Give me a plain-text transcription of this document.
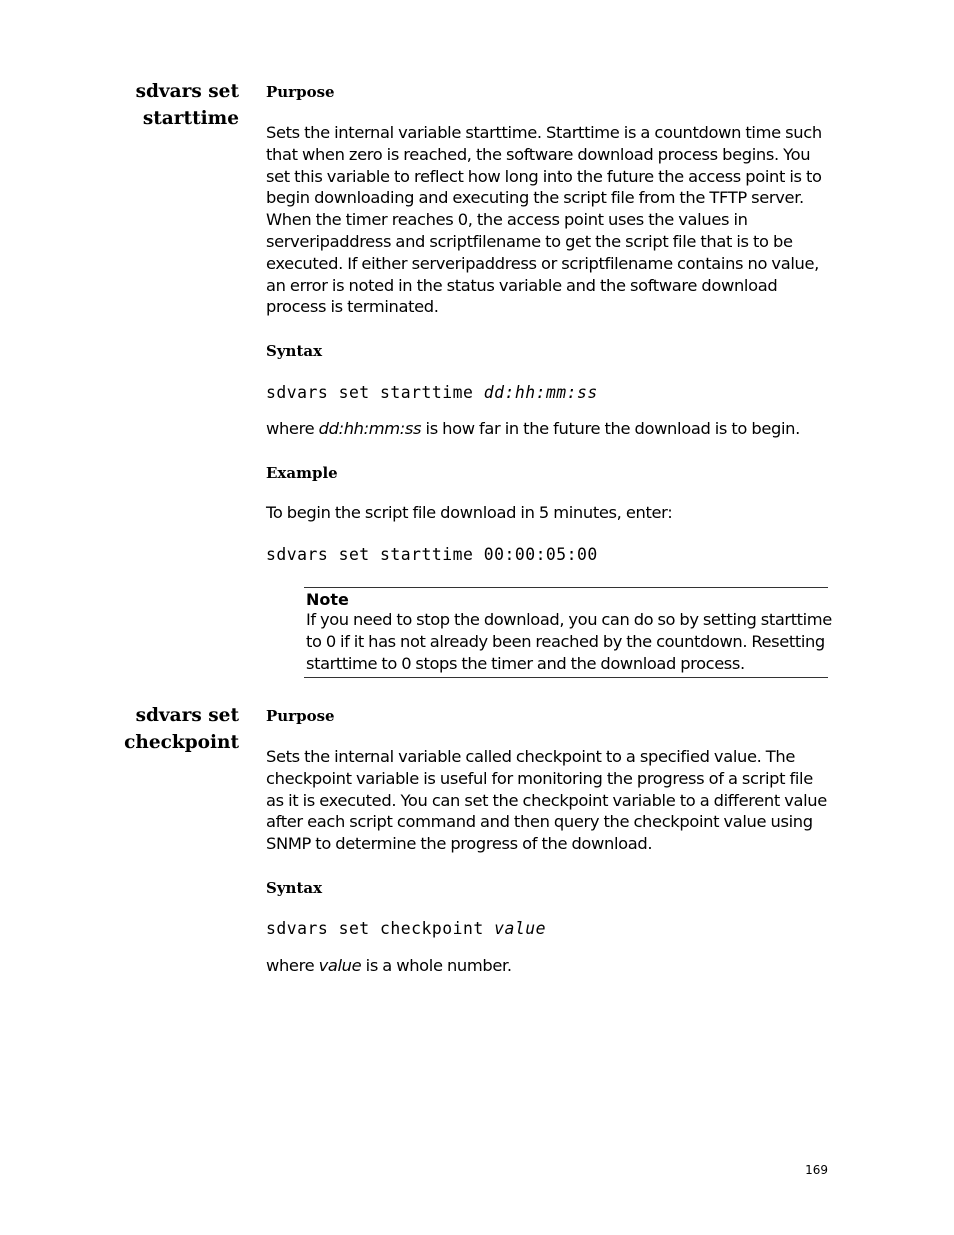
sdvars set
starttime
Purpose

Sets the internal variable starttime. Starttime is a countdown time such
that when zero is reached, the software download process begins. You
set this variable to reflect how long into the future the access point is to
begin downloading and executing the script file from the TFTP server.
When the timer reaches 0, the access point uses the values in
serveripaddress and scriptfilename to get the script file that is to be
executed. If either serveripaddress or scriptfilename contains no value,
an error is noted in the status variable and the software download
process is terminated.

Syntax

sdvars set starttime dd:hh:mm:ss

where dd:hh:mm:ss is how far in the future the download is to begin.

Example

To begin the script file download in 5 minutes, enter:

sdvars set starttime 00:00:05:00

Note

If you need to stop the download, you can do so by setting starttime
to 0 if it has not already been reached by the countdown. Resetting
starttime to 0 stops the timer and the download process.

sdvars set
checkpoint
Purpose

Sets the internal variable called checkpoint to a specified value. The
checkpoint variable is useful for monitoring the progress of a script file
as it is executed. You can set the checkpoint variable to a different value
after each script command and then query the checkpoint value using
SNMP to determine the progress of the download.

Syntax

sdvars set checkpoint value

where value is a whole number.

169
